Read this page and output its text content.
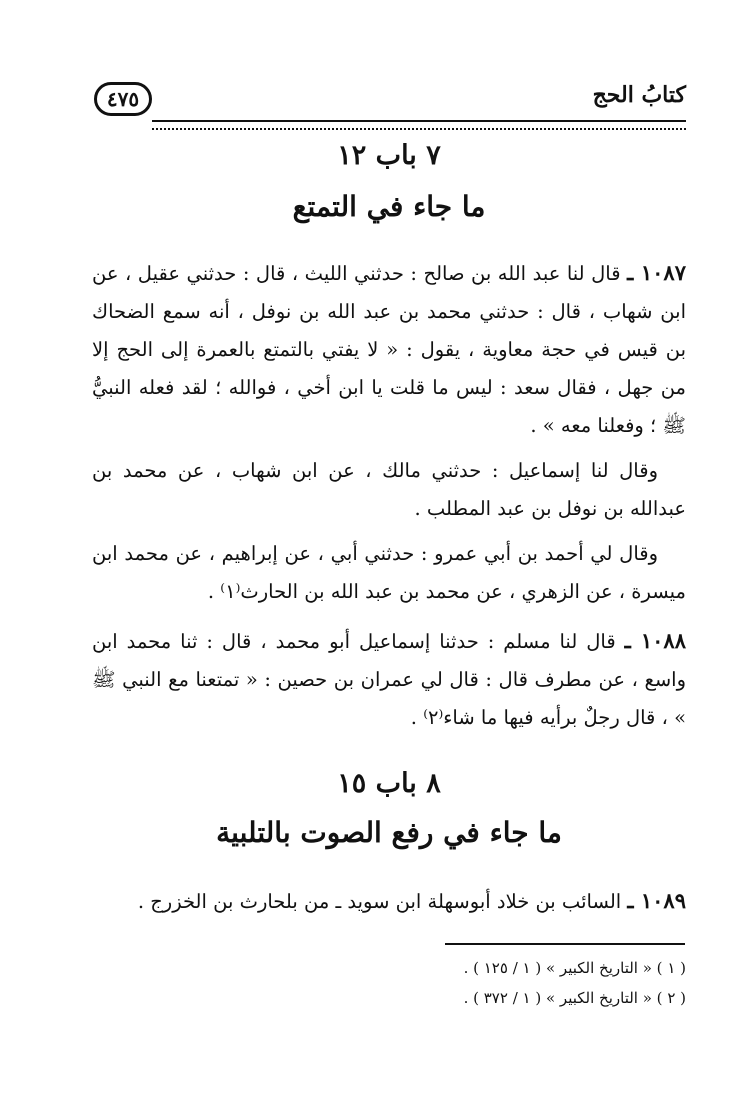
كتابُ الحج
٤٧٥
٧ باب ١٢
ما جاء في التمتع
١٠٨٧ ـ قال لنا عبد الله بن صالح : حدثني الليث ، قال : حدثني عقيل ، عن ابن شهاب ، قال : حدثني محمد بن عبد الله بن نوفل ، أنه سمع الضحاك بن قيس في حجة معاوية ، يقول : « لا يفتي بالتمتع بالعمرة إلى الحج إلا من جهل ، فقال سعد : ليس ما قلت يا ابن أخي ، فوالله ؛ لقد فعله النبيُّ ﷺ ؛ وفعلنا معه » .
وقال لنا إسماعيل : حدثني مالك ، عن ابن شهاب ، عن محمد بن عبدالله بن نوفل بن عبد المطلب .
وقال لي أحمد بن أبي عمرو : حدثني أبي ، عن إبراهيم ، عن محمد ابن ميسرة ، عن الزهري ، عن محمد بن عبد الله بن الحارث⁽١⁾ .
١٠٨٨ ـ قال لنا مسلم : حدثنا إسماعيل أبو محمد ، قال : ثنا محمد ابن واسع ، عن مطرف قال : قال لي عمران بن حصين : « تمتعنا مع النبي ﷺ » ، قال رجلٌ برأيه فيها ما شاء⁽٢⁾ .
٨ باب ١٥
ما جاء في رفع الصوت بالتلبية
١٠٨٩ ـ السائب بن خلاد أبوسهلة ابن سويد ـ من بلحارث بن الخزرج .
( ١ ) « التاريخ الكبير » ( ١ / ١٢٥ ) .
( ٢ ) « التاريخ الكبير » ( ١ / ٣٧٢ ) .
